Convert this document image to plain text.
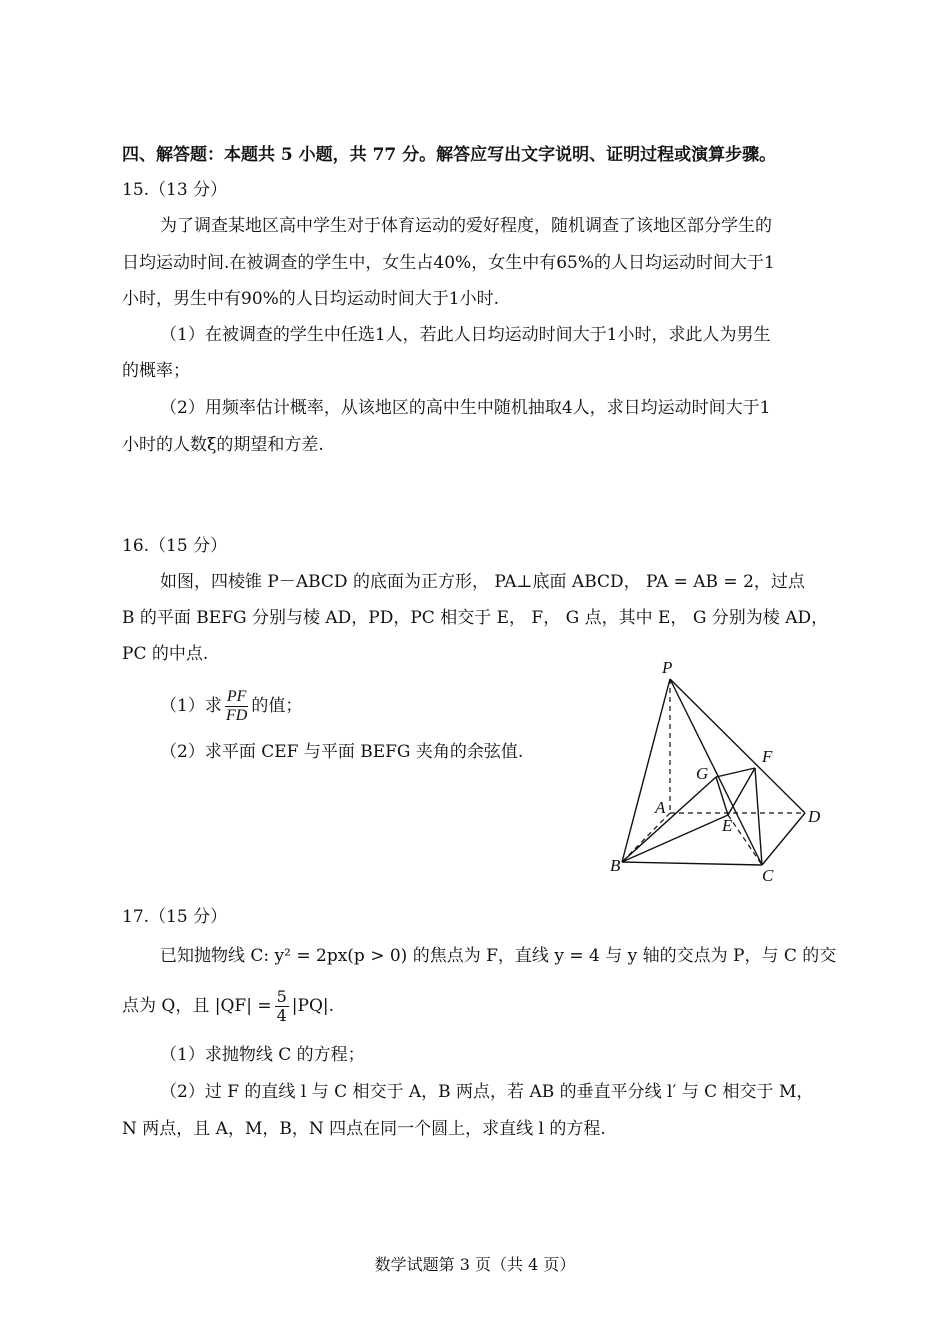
四、解答题：本题共 5 小题，共 77 分。解答应写出文字说明、证明过程或演算步骤。
15.（13 分）
为了调查某地区高中学生对于体育运动的爱好程度，随机调查了该地区部分学生的
日均运动时间.在被调查的学生中，女生占40%，女生中有65%的人日均运动时间大于1
小时，男生中有90%的人日均运动时间大于1小时.
（1）在被调查的学生中任选1人，若此人日均运动时间大于1小时，求此人为男生
的概率；
（2）用频率估计概率，从该地区的高中生中随机抽取4人，求日均运动时间大于1
小时的人数ξ的期望和方差.
16.（15 分）
如图，四棱锥 P－ABCD 的底面为正方形， PA⊥底面 ABCD， PA = AB = 2，过点
B 的平面 BEFG 分别与棱 AD，PD，PC 相交于 E， F， G 点，其中 E， G 分别为棱 AD，
PC 的中点.
（1）求 $\frac{PF}{FD}$ 的值；
（2）求平面 CEF 与平面 BEFG 夹角的余弦值.
P
G
F
A
E	D
B
C
17.（15 分）
已知抛物线 C: y² = 2px(p > 0) 的焦点为 F，直线 y = 4 与 y 轴的交点为 P，与 C 的交
点为 Q，且 $|QF| = \frac{5}{4} |PQ|$.
（1）求抛物线 C 的方程；
（2）过 F 的直线 l 与 C 相交于 A，B 两点，若 AB 的垂直平分线 l′ 与 C 相交于 M，
N 两点，且 A，M，B，N 四点在同一个圆上，求直线 l 的方程.
数学试题第 3 页（共 4 页）
